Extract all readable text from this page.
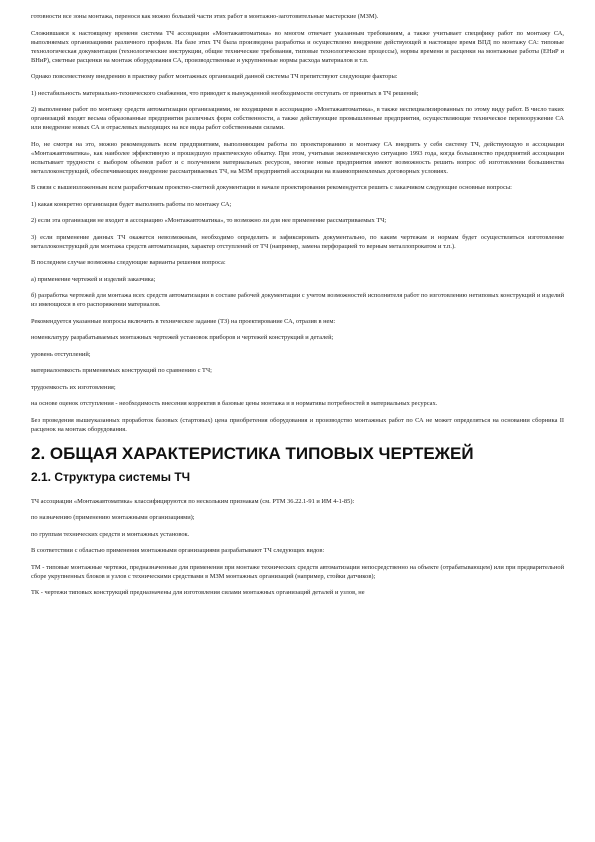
готовности все зоны монтажа, перенося как можно большей части этих работ в монтажно-заготовительные мастерские (МЗМ).

Сложившаяся к настоящему времени система ТЧ ассоциации «Монтажавтоматика» во многом отвечает указанным требованиям, а также учитывает специфику работ по монтажу СА, выполняемых организациями различного профиля. На базе этих ТЧ была произведена разработка и осуществлено внедрение действующей в настоящее время ВПД по монтажу СА: типовые технологическая документация (технологические инструкции, общие технические требования, типовые технологические процессы), нормы времени и расценки на монтажные работы (ЕНиР и ВНиР), сметные расценки на монтаж оборудования СА, производственные и укрупненные нормы расхода материалов и т.п.

Однако повсеместному внедрению в практику работ монтажных организаций данной системы ТЧ препятствуют следующие факторы:

1) нестабильность материально-технического снабжения, что приводит к вынужденной необходимости отступать от принятых в ТЧ решений;

2) выполнение работ по монтажу средств автоматизации организациями, не входящими в ассоциацию «Монтажавтоматика», в также неспециализированных по этому виду работ. В число таких организаций входят весьма образованные предприятия различных форм собственности, а также действующие промышленные предприятия, осуществляющие техническое перевооружение СА или внедрение новых СА и отраслевых выходящих на все виды работ собственными силами.

Но, не смотря на это, можно рекомендовать всем предприятиям, выполняющим работы по проектированию и монтажу СА внедрить у себя систему ТЧ, действующую в ассоциации «Монтажавтоматика», как наиболее эффективную и прошедшую практическую обкатку. При этом, учитывая экономическую ситуацию 1993 года, когда большинство предприятий ассоциации испытывает трудности с выбором объемов работ и с получением материальных ресурсов, многие новые предприятия имеют возможность решить вопрос об изготовлении большинства металлоконструкций, обеспечивающих внедрение рассматриваемых ТЧ, на МЗМ предприятий ассоциации на взаимоприемлемых договорных условиях.

В связи с вышеизложенным всем разработчикам проектно-сметной документации в начале проектирования рекомендуется решить с заказчиком следующие основные вопросы:

1) какая конкретно организация будет выполнять работы по монтажу СА;

2) если эта организация не входит в ассоциацию «Монтажавтоматика», то возможно ли для нее применение рассматриваемых ТЧ;

3) если применение данных ТЧ окажется невозможным, необходимо определить и зафиксировать документально, по каким чертежам и нормам будет осуществляться изготовление металлоконструкций для монтажа средств автоматизации, характер отступлений от ТЧ (например, замена перфорацией то верным металлопрокатом и т.п.).

В последнем случае возможны следующие варианты решения вопроса:

а) применение чертежей и изделий заказчика;

б) разработка чертежей для монтажа всех средств автоматизации в составе рабочей документации с учетом возможностей исполнителя работ по изготовлению нетиповых конструкций и изделий из имеющихся в его распоряжении материалов.

Рекомендуется указанные вопросы включить в техническое задание (ТЗ) на проектирование СА, отразив в нем:

номенклатуру разрабатываемых монтажных чертежей установок приборов и чертежей конструкций и деталей;

уровень отступлений;

материалоемкость применяемых конструкций по сравнению с ТЧ;

трудоемкость их изготовления;

на основе оценок отступления - необходимость внесения корректив в базовые цены монтажа и в нормативы потребностей в материальных ресурсах.

Без проведения вышеуказанных проработок базовых (стартовых) цена приобретения оборудования и производство монтажных работ по СА не может определяться на основании сборника II расценок на монтаж оборудования.

2. ОБЩАЯ ХАРАКТЕРИСТИКА ТИПОВЫХ ЧЕРТЕЖЕЙ
2.1. Структура системы ТЧ

ТЧ ассоциации «Монтажавтоматика» классифицируются по нескольким признакам (см. РТМ 36.22.1-91 и ИМ 4-1-85):

по назначению (применению монтажными организациями);

по группам технических средств и монтажных установок.

В соответствии с областью применения монтажными организациями разрабатывают ТЧ следующих видов:

ТМ - типовые монтажные чертежи, предназначенные для применения при монтаже технических средств автоматизации непосредственно на объекте (отрабатывающем) или при предварительной сборе укрупненных блоков и узлов с техническими средствами в МЗМ монтажных организаций (например, стойки датчиков);

ТК - чертежи типовых конструкций предназначены для изготовления силами монтажных организаций деталей и узлов, не
